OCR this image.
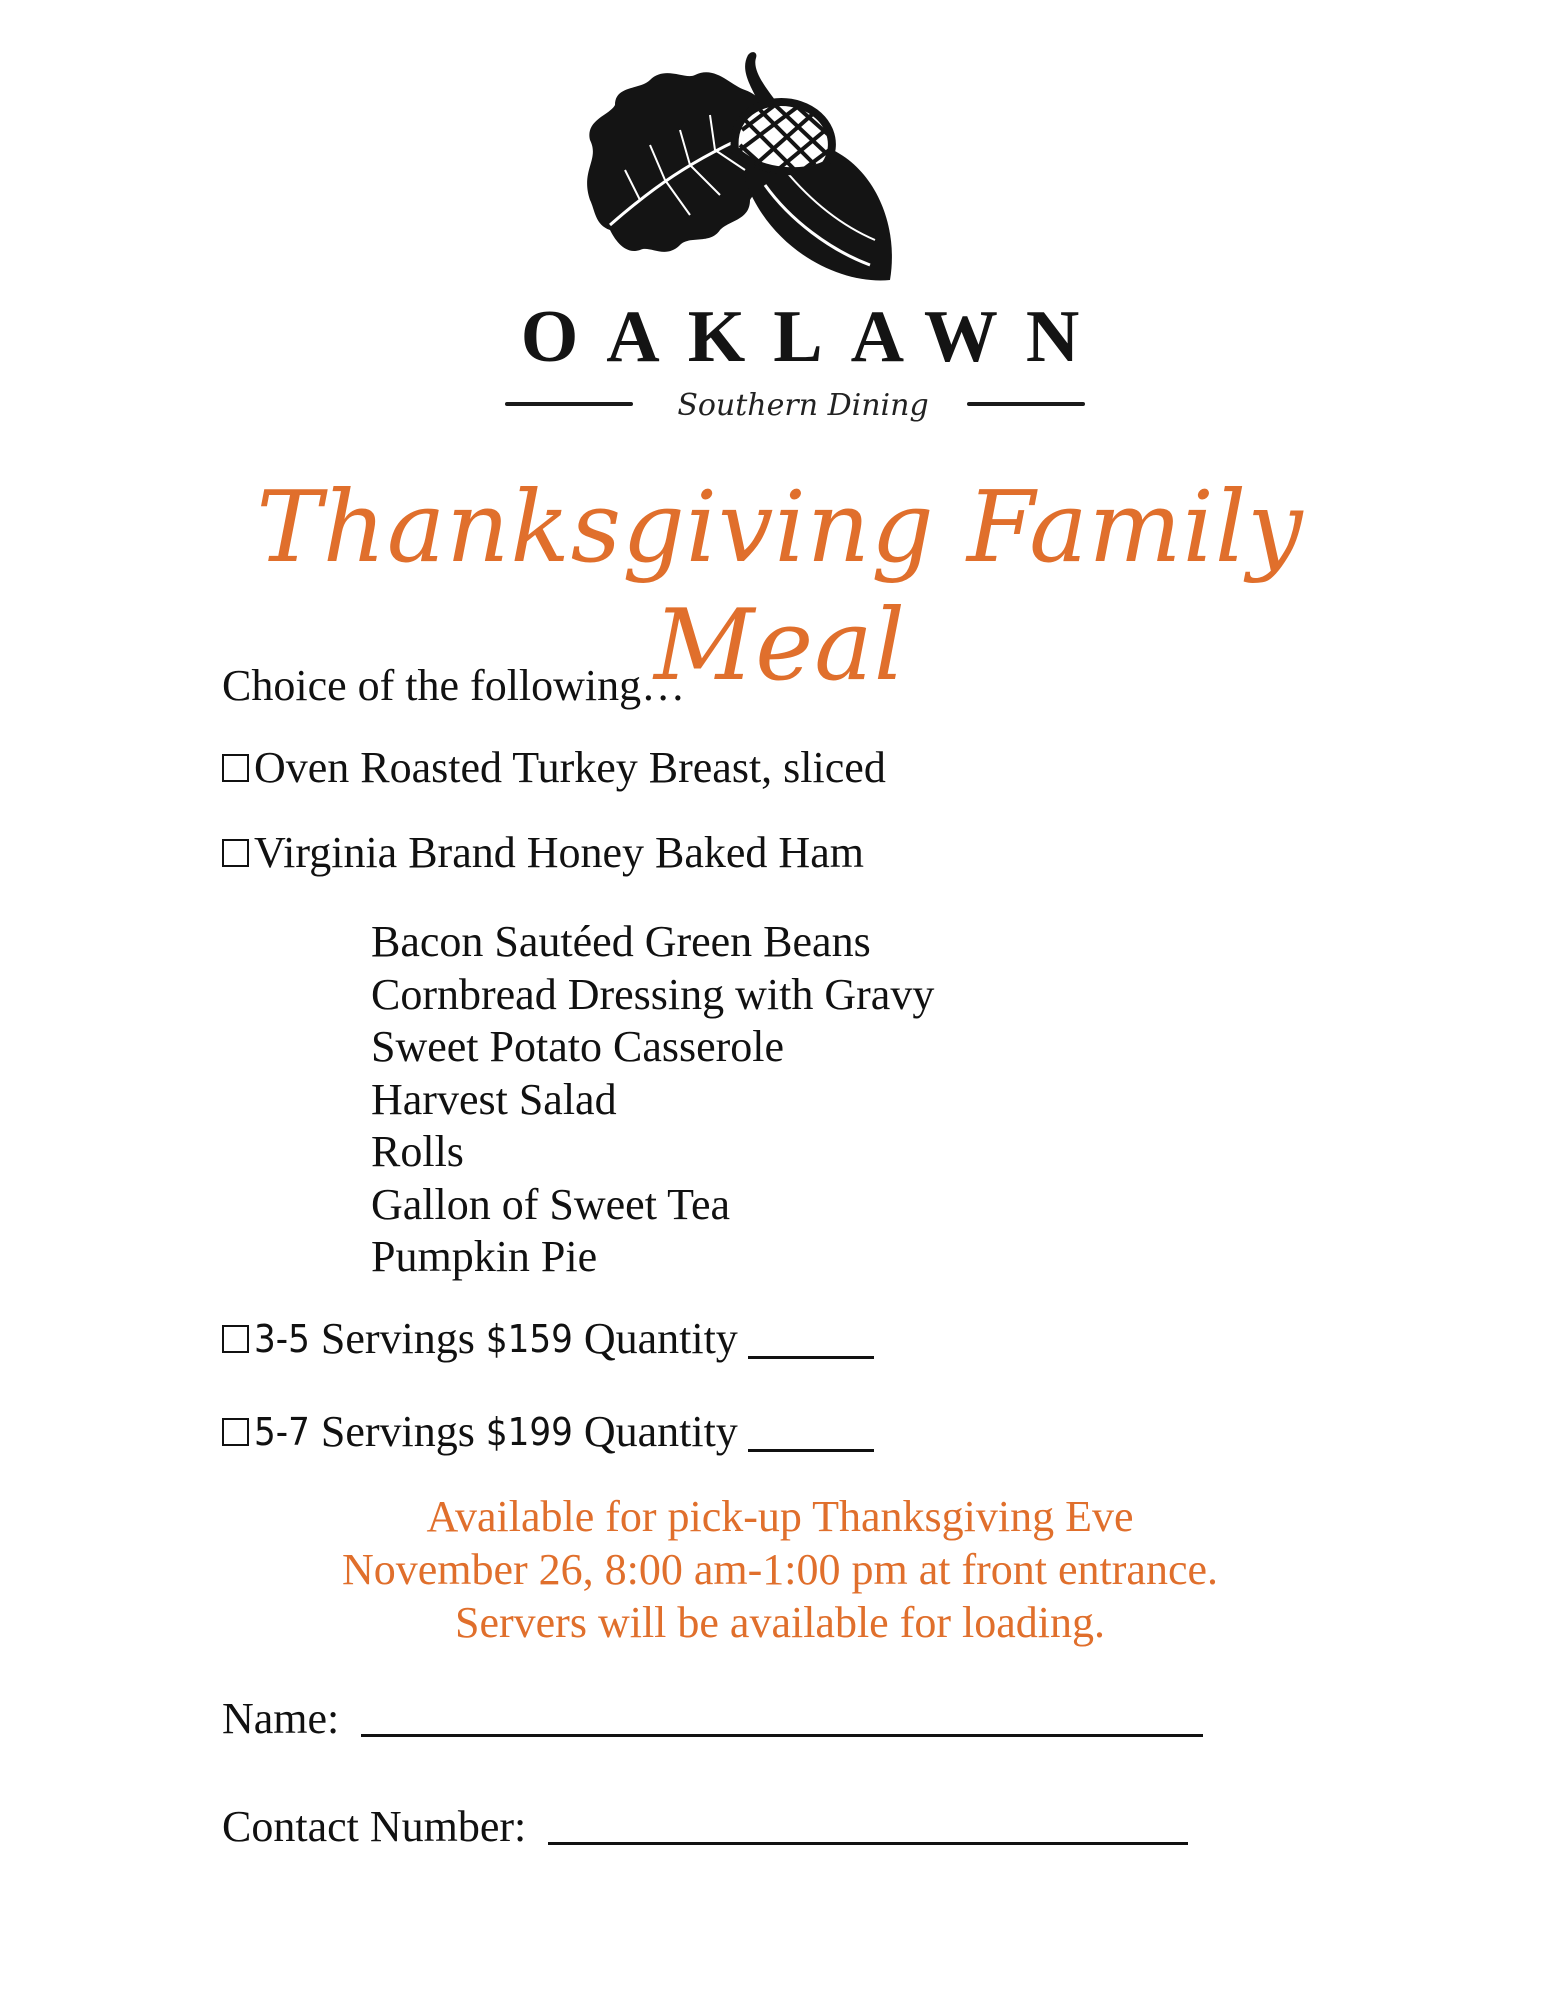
OAKLAWN
Southern Dining
Thanksgiving Family Meal
Choice of the following…
Oven Roasted Turkey Breast, sliced
Virginia Brand Honey Baked Ham
Bacon Sautéed Green Beans
Cornbread Dressing with Gravy
Sweet Potato Casserole
Harvest Salad
Rolls
Gallon of Sweet Tea
Pumpkin Pie
3-5
Servings
$159
Quantity
5-7
Servings
$199
Quantity
Available for pick-up Thanksgiving Eve
November 26, 8:00 am-1:00 pm at front entrance.
Servers will be available for loading.
Name:
Contact Number:
